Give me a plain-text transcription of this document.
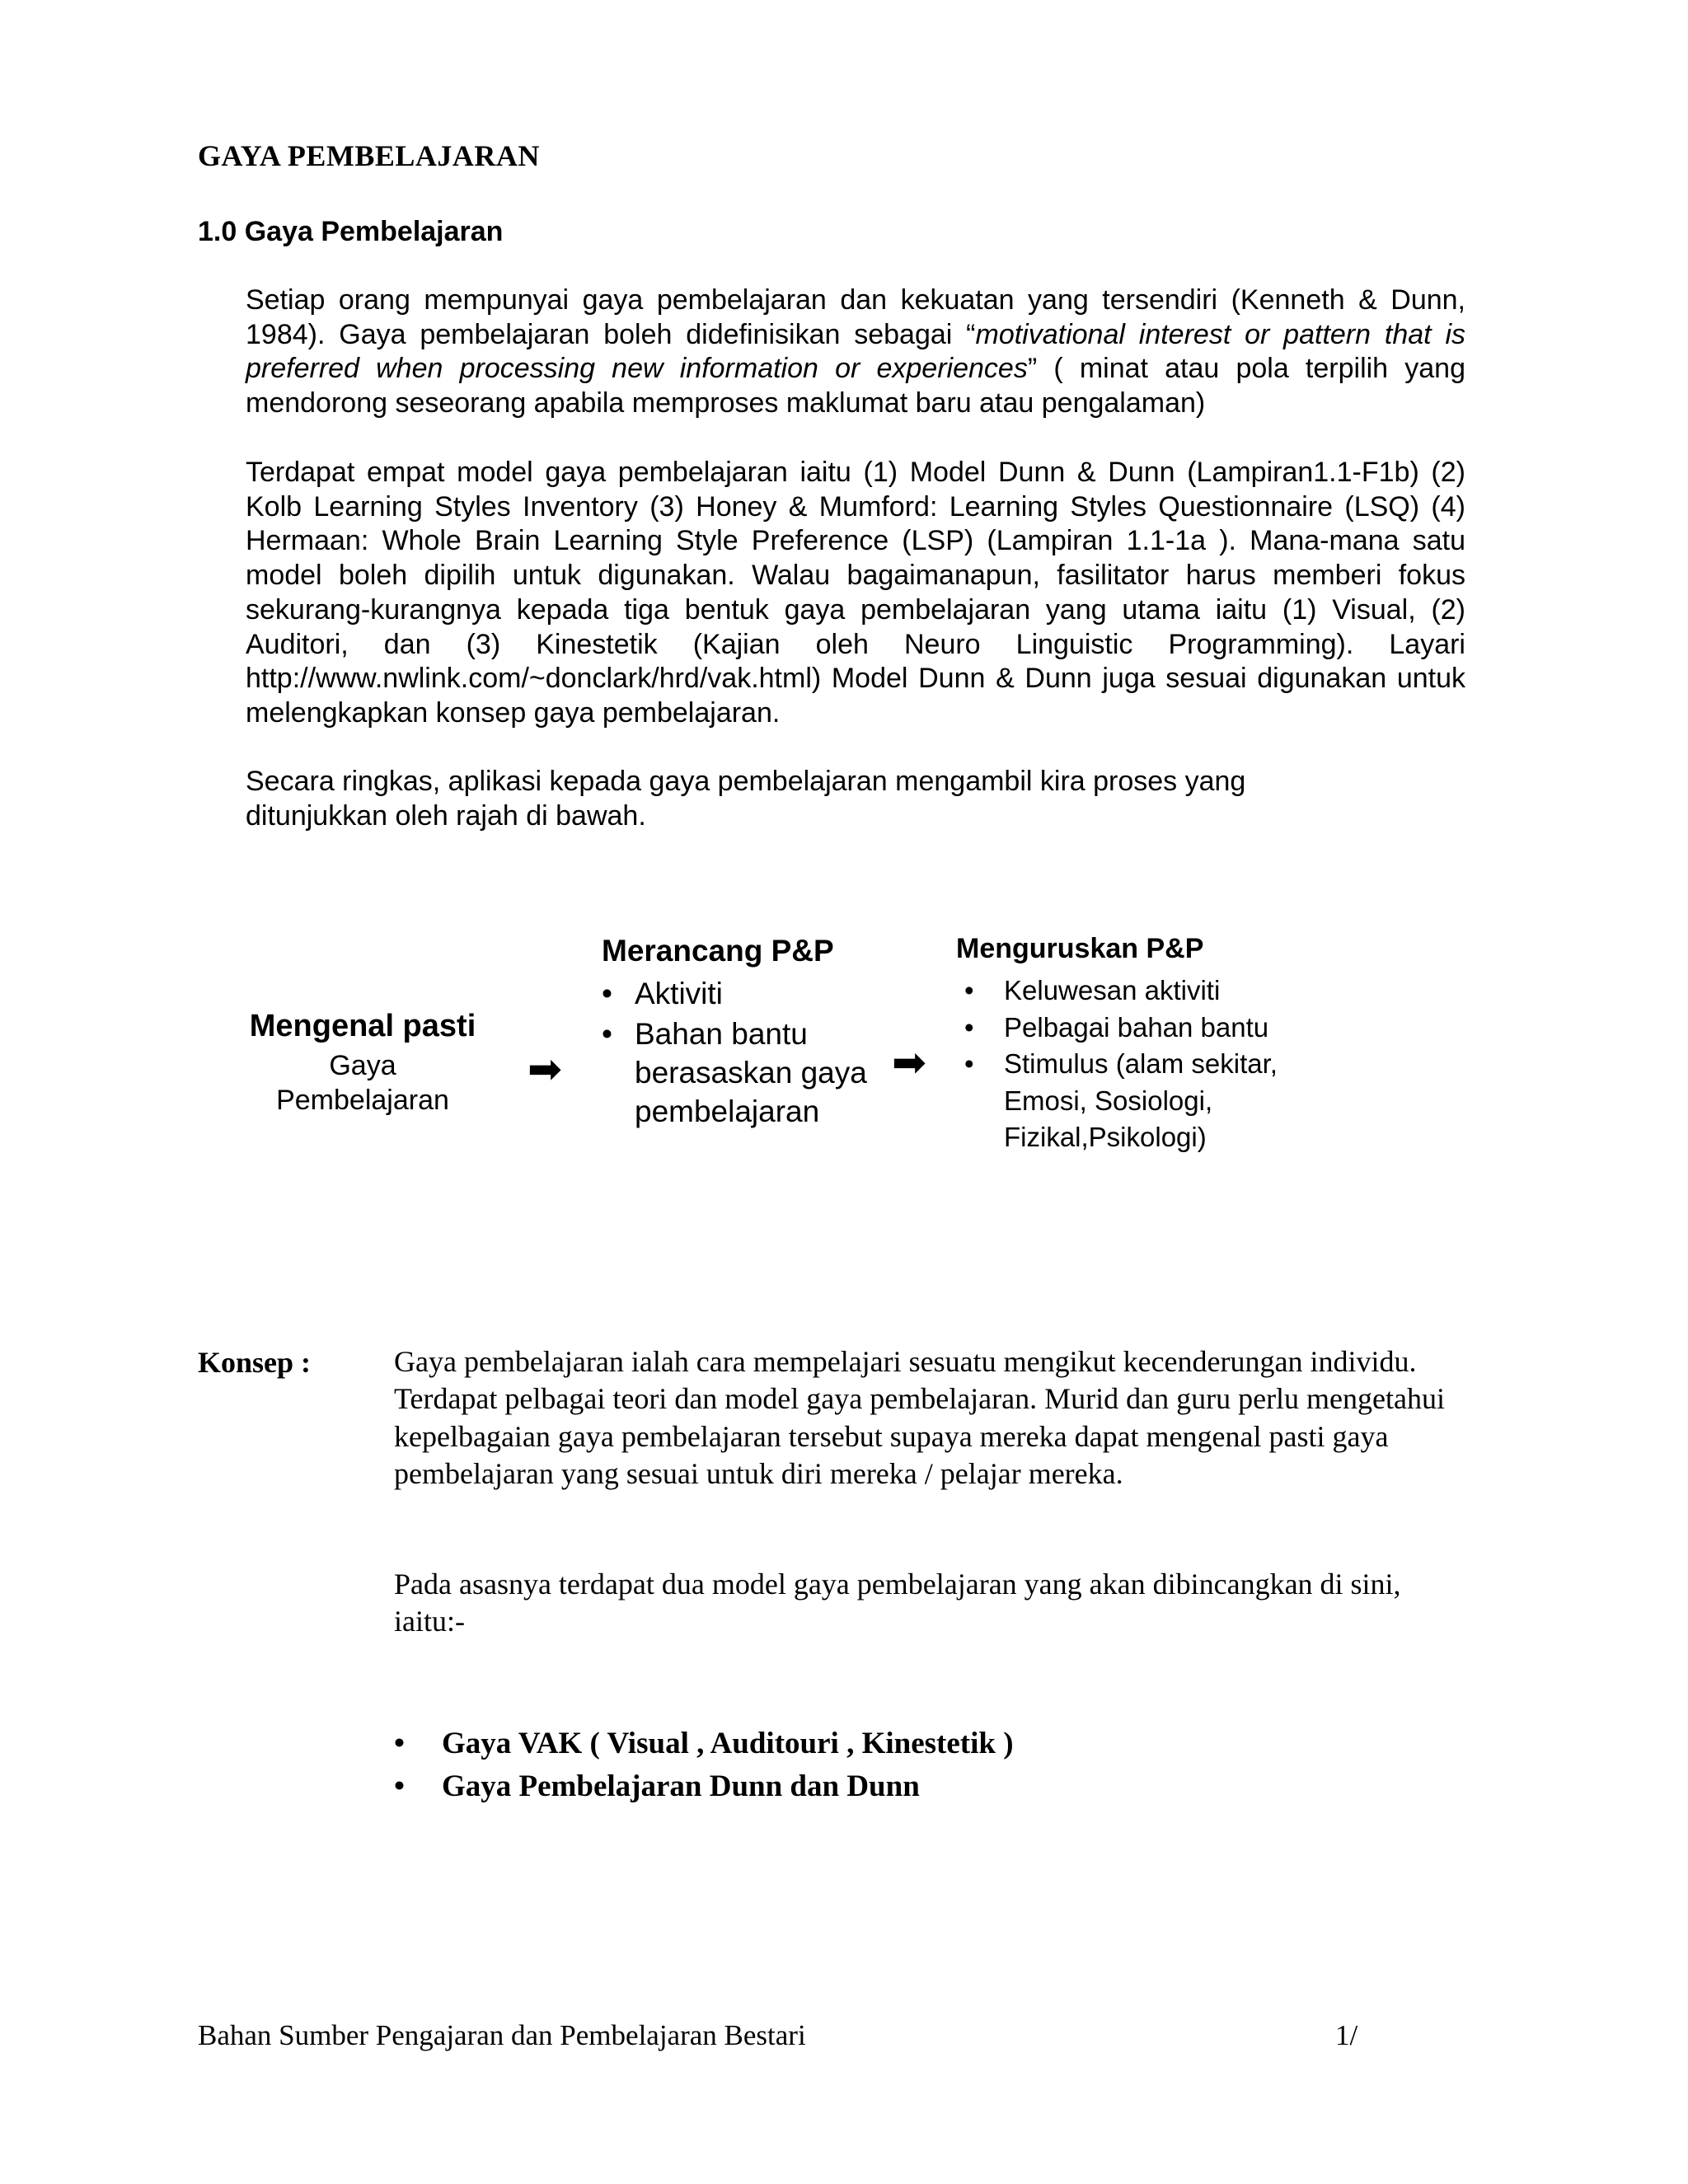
GAYA PEMBELAJARAN
1.0 Gaya Pembelajaran
Setiap orang mempunyai gaya pembelajaran dan kekuatan yang tersendiri (Kenneth & Dunn, 1984). Gaya pembelajaran boleh didefinisikan sebagai “motivational interest or pattern that is preferred when processing new information or experiences” ( minat atau pola terpilih yang mendorong seseorang apabila memproses maklumat baru atau pengalaman)
Terdapat empat model gaya pembelajaran iaitu (1) Model Dunn & Dunn (Lampiran1.1-F1b) (2) Kolb Learning Styles Inventory (3) Honey & Mumford: Learning Styles Questionnaire (LSQ) (4) Hermaan: Whole Brain Learning Style Preference (LSP) (Lampiran 1.1-1a ). Mana-mana satu model boleh dipilih untuk digunakan. Walau bagaimanapun, fasilitator harus memberi fokus sekurang-kurangnya kepada tiga bentuk gaya pembelajaran yang utama iaitu (1) Visual, (2) Auditori, dan (3) Kinestetik (Kajian oleh Neuro Linguistic Programming). Layari http://www.nwlink.com/~donclark/hrd/vak.html) Model Dunn & Dunn juga sesuai digunakan untuk melengkapkan konsep gaya pembelajaran.
Secara ringkas, aplikasi kepada gaya pembelajaran mengambil kira proses yang
ditunjukkan oleh rajah di bawah.
Mengenal pasti
Gaya
Pembelajaran
➡
Merancang P&P
• Aktiviti
• Bahan bantu berasaskan gaya pembelajaran
➡
Menguruskan P&P
• Keluwesan aktiviti
• Pelbagai bahan bantu
• Stimulus (alam sekitar, Emosi, Sosiologi, Fizikal,Psikologi)
Konsep :	Gaya pembelajaran ialah cara mempelajari sesuatu mengikut kecenderungan individu. Terdapat pelbagai teori dan model gaya pembelajaran. Murid dan guru perlu mengetahui kepelbagaian gaya pembelajaran tersebut supaya mereka dapat mengenal pasti gaya pembelajaran yang sesuai untuk diri mereka / pelajar mereka.
Pada asasnya terdapat dua model gaya pembelajaran yang akan dibincangkan di sini, iaitu:-
• Gaya VAK ( Visual , Auditouri , Kinestetik )
• Gaya Pembelajaran Dunn dan Dunn
Bahan Sumber Pengajaran dan Pembelajaran Bestari	1/
